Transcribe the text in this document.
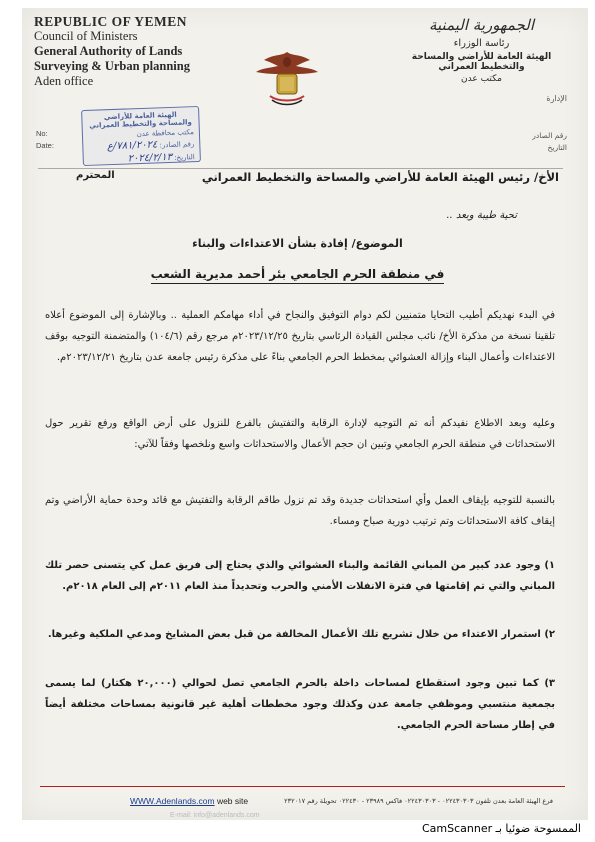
REPUBLIC OF YEMEN
Council of Ministers
General Authority of Lands
Surveying & Urban planning
Aden office
الجمهورية اليمنية
رئاسة الوزراء
الهيئة العامة للأراضي والمساحة والتخطيط العمراني
مكتب عدن
الإدارة
No:
Date:
رقم الصادر
التاريخ
الهيئة العامة للأراضي والمساحة والتخطيط العمراني
مكتب محافظة عدن
رقم الصادر: ٧٨١/٢٠٢٤/ع
التاريخ: ٢٠٢٤/٢/١٣
الأخ/ رئيس الهيئة العامة للأراضي والمساحة والتخطيط العمراني
المحترم
تحية طيبة وبعد ..
الموضوع/ إفادة بشأن الاعتداءات والبناء
في منطقة الحرم الجامعي بئر أحمد مديرية الشعب
في البدء نهديكم أطيب التحايا متمنيين لكم دوام التوفيق والنجاح في أداء مهامكم العملية .. وبالإشارة إلى الموضوع أعلاه تلقينا نسخة من مذكرة الأخ/ نائب مجلس القيادة الرئاسي بتاريخ ٢٠٢٣/١٢/٢٥م مرجع رقم (١٠٤/٦) والمتضمنة التوجيه بوقف الاعتداءات وأعمال البناء وإزالة العشوائي بمخطط الحرم الجامعي بناءً على مذكرة رئيس جامعة عدن بتاريخ ٢٠٢٣/١٢/٢١م.
وعليه وبعد الاطلاع نفيدكم أنه تم التوجيه لإدارة الرقابة والتفتيش بالفرع للنزول على أرض الواقع ورفع تقرير حول الاستحداثات في منطقة الحرم الجامعي وتبين ان حجم الأعمال والاستحداثات واسع ونلخصها وفقاً للآتي:
بالنسبة للتوجيه بإيقاف العمل وأي استحداثات جديدة وقد تم نزول طاقم الرقابة والتفتيش مع قائد وحدة حماية الأراضي وتم إيقاف كافة الاستحداثات وتم ترتيب دورية صباح ومساء.
١) وجود عدد كبير من المباني القائمة والبناء العشوائي والذي يحتاج إلى فريق عمل كي يتسنى حصر تلك المباني والتي تم إقامتها في فترة الانفلات الأمني والحرب وتحديداً منذ العام ٢٠١١م إلى العام ٢٠١٨م.
٢) استمرار الاعتداء من خلال تشريع تلك الأعمال المخالفة من قبل بعض المشايخ ومدعي الملكية وغيرها.
٣) كما تبين وجود استقطاع لمساحات داخلة بالحرم الجامعي تصل لحوالي (٢٠,٠٠٠ هكتار) لما يسمى بجمعية منتسبي وموظفي جامعة عدن وكذلك وجود مخططات أهلية غير قانونية بمساحات مختلفة أيضاً في إطار مساحة الحرم الجامعي.
WWW.Adenlands.com web site	فرع الهيئة العامة بعدن تلفون ٠٢٢٤٣٠٣٠٣ - ٠٢٢٤٣٠٣٠٣ فاكس ٢٣٩٨٩ - ٠٢٢٤٣٠ تحويلة رقم ٢٣٢٠١٧
E-mail: info@adenlands.com
الممسوحة ضوئيا بـ CamScanner
